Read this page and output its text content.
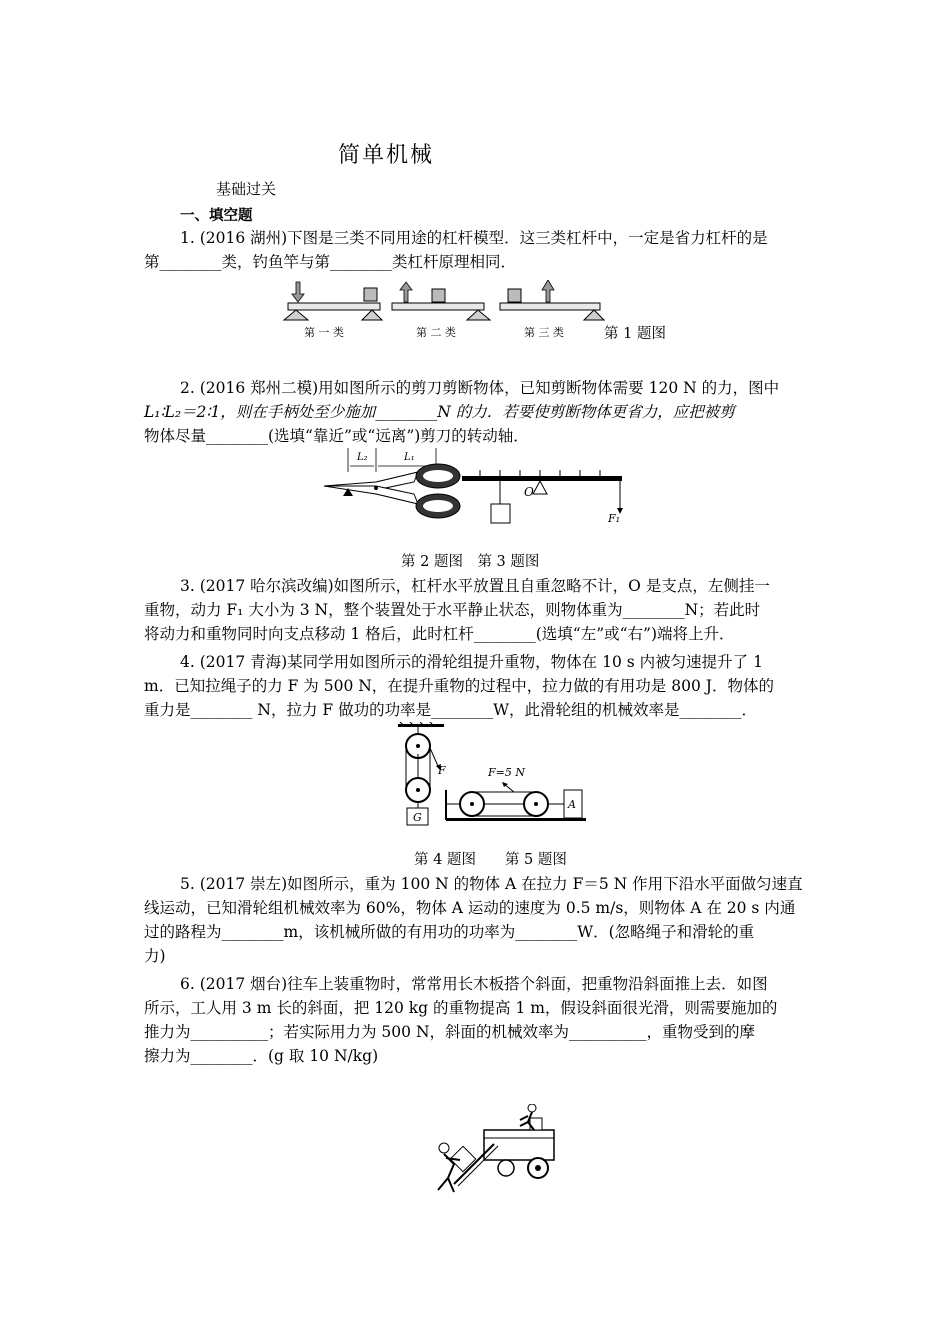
简单机械
基础过关
一、填空题
1. (2016 湖州)下图是三类不同用途的杠杆模型．这三类杠杆中，一定是省力杠杆的是
第________类，钓鱼竿与第________类杠杆原理相同．
第 一 类	第 二 类	第 三 类	第 1 题图
2. (2016 郑州二模)用如图所示的剪刀剪断物体，已知剪断物体需要 120 N 的力，图中
L₁∶L₂＝2∶1，则在手柄处至少施加________N 的力．若要使剪断物体更省力，应把被剪
物体尽量________(选填“靠近”或“远离”)剪刀的转动轴．
L₂	L₁
O
F₁
第 2 题图　第 3 题图
3. (2017 哈尔滨改编)如图所示，杠杆水平放置且自重忽略不计，O 是支点，左侧挂一
重物，动力 F₁ 大小为 3 N，整个装置处于水平静止状态，则物体重为________N；若此时
将动力和重物同时向支点移动 1 格后，此时杠杆________(选填“左”或“右”)端将上升．
4. (2017 青海)某同学用如图所示的滑轮组提升重物，物体在 10 s 内被匀速提升了 1
m．已知拉绳子的力 F 为 500 N，在提升重物的过程中，拉力做的有用功是 800 J．物体的
重力是________ N，拉力 F 做功的功率是________W，此滑轮组的机械效率是________．
F
G
F=5 N
A
第 4 题图　　第 5 题图
5. (2017 崇左)如图所示，重为 100 N 的物体 A 在拉力 F＝5 N 作用下沿水平面做匀速直
线运动，已知滑轮组机械效率为 60%，物体 A 运动的速度为 0.5 m/s，则物体 A 在 20 s 内通
过的路程为________m，该机械所做的有用功的功率为________W．(忽略绳子和滑轮的重
力)
6. (2017 烟台)往车上装重物时，常常用长木板搭个斜面，把重物沿斜面推上去．如图
所示，工人用 3 m 长的斜面，把 120 kg 的重物提高 1 m，假设斜面很光滑，则需要施加的
推力为__________；若实际用力为 500 N，斜面的机械效率为__________，重物受到的摩
擦力为________．(g 取 10 N/kg)
